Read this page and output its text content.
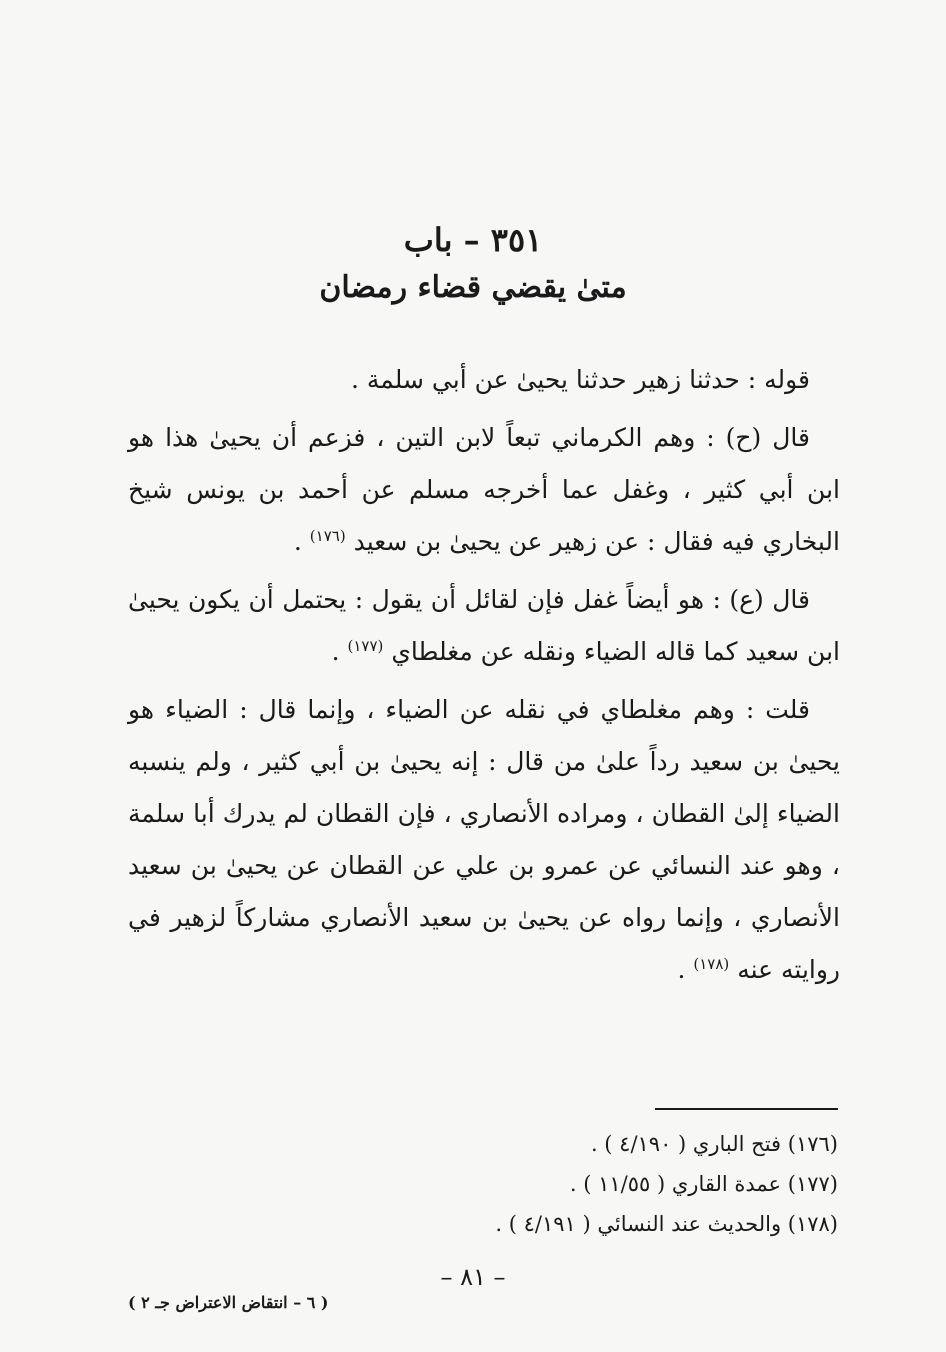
٣٥١ – باب
متىٰ يقضي قضاء رمضان

قوله : حدثنا زهير حدثنا يحيىٰ عن أبي سلمة .

قال (ح) : وهم الكرماني تبعاً لابن التين ، فزعم أن يحيىٰ هذا هو ابن أبي كثير ، وغفل عما أخرجه مسلم عن أحمد بن يونس شيخ البخاري فيه فقال : عن زهير عن يحيىٰ بن سعيد $^{(١٧٦)}$ .

قال (ع) : هو أيضاً غفل فإن لقائل أن يقول : يحتمل أن يكون يحيىٰ ابن سعيد كما قاله الضياء ونقله عن مغلطاي $^{(١٧٧)}$ .

قلت : وهم مغلطاي في نقله عن الضياء ، وإنما قال : الضياء هو يحيىٰ بن سعيد رداً علىٰ من قال : إنه يحيىٰ بن أبي كثير ، ولم ينسبه الضياء إلىٰ القطان ، ومراده الأنصاري ، فإن القطان لم يدرك أبا سلمة ، وهو عند النسائي عن عمرو بن علي عن القطان عن يحيىٰ بن سعيد الأنصاري ، وإنما رواه عن يحيىٰ بن سعيد الأنصاري مشاركاً لزهير في روايته عنه $^{(١٧٨)}$ .

(١٧٦) فتح الباري ( ٤/١٩٠ ) .
(١٧٧) عمدة القاري ( ١١/٥٥ ) .
(١٧٨) والحديث عند النسائي ( ٤/١٩١ ) .
– ٨١ –
( ٦ – انتقاض الاعتراض جـ ٢ )
